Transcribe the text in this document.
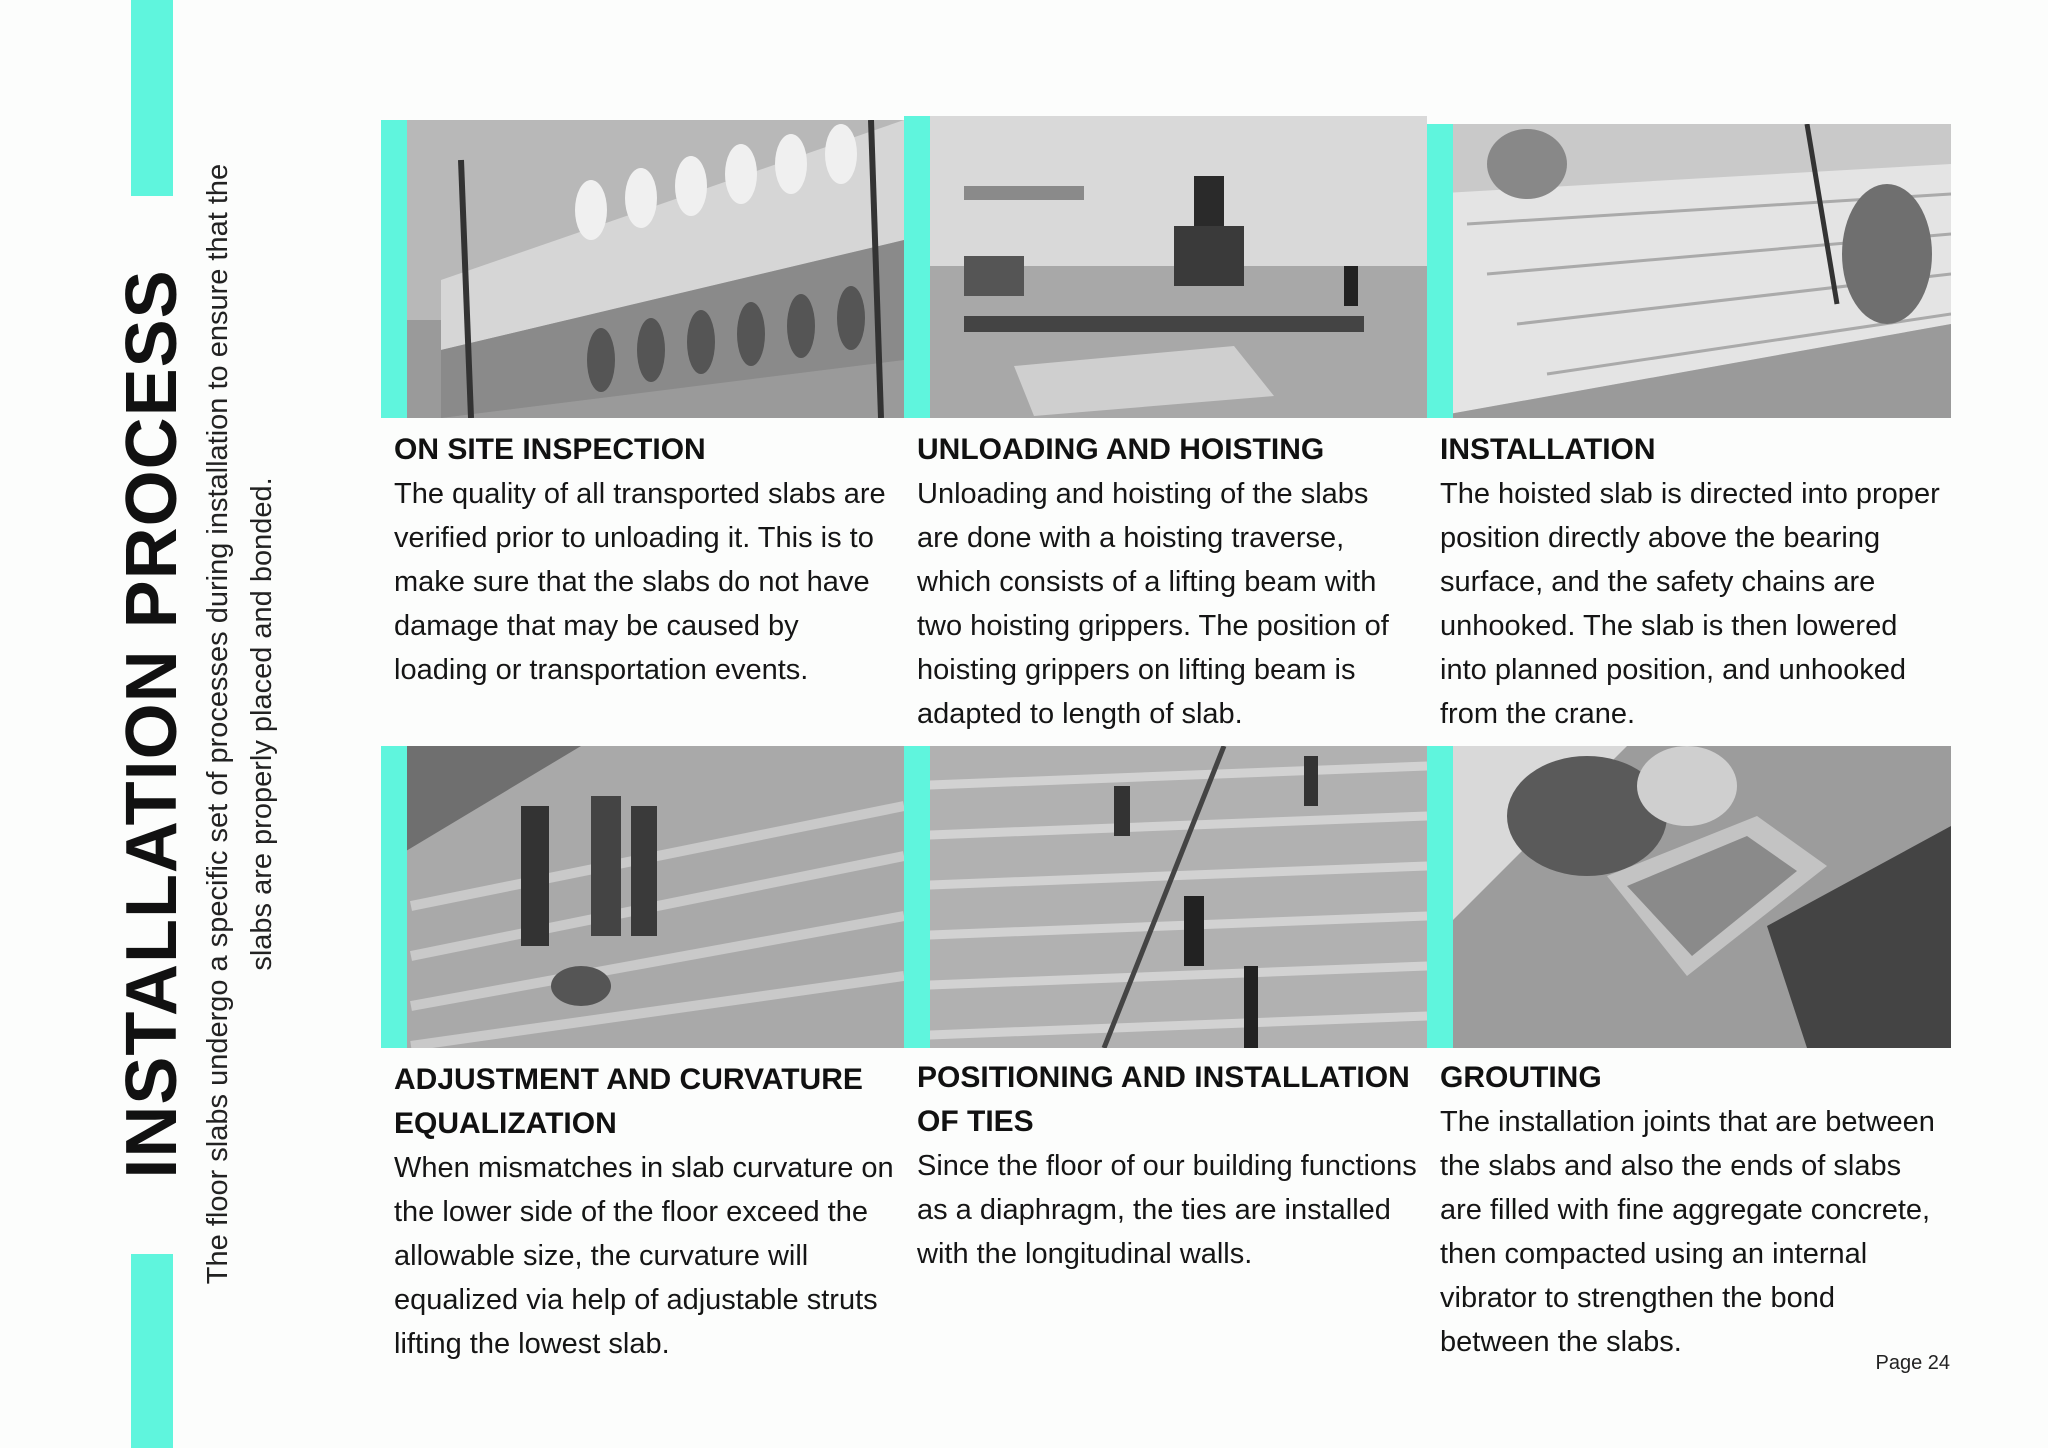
INSTALLATION PROCESS The floor slabs undergo a specific set of processes during installation to ensure that the slabs are properly placed and bonded.
ON SITE INSPECTION

The quality of all transported slabs are verified prior to unloading it. This is to make sure that the slabs do not have damage that may be caused by loading or transportation events.

UNLOADING AND HOISTING

Unloading and hoisting of the slabs are done with a hoisting traverse, which consists of a lifting beam with two hoisting grippers. The position of hoisting grippers on lifting beam is adapted to length of slab.

INSTALLATION

The hoisted slab is directed into proper position directly above the bearing surface, and the safety chains are unhooked. The slab is then lowered into planned position, and unhooked from the crane.

ADJUSTMENT AND CURVATURE EQUALIZATION

When mismatches in slab curvature on the lower side of the floor exceed the allowable size, the curvature will equalized via help of adjustable struts lifting the lowest slab.

POSITIONING AND INSTALLATION OF TIES

Since the floor of our building functions as a diaphragm, the ties are installed with the longitudinal walls.

GROUTING

The installation joints that are between the slabs and also the ends of slabs are filled with fine aggregate concrete, then compacted using an internal vibrator to strengthen the bond between the slabs.

Page 24
